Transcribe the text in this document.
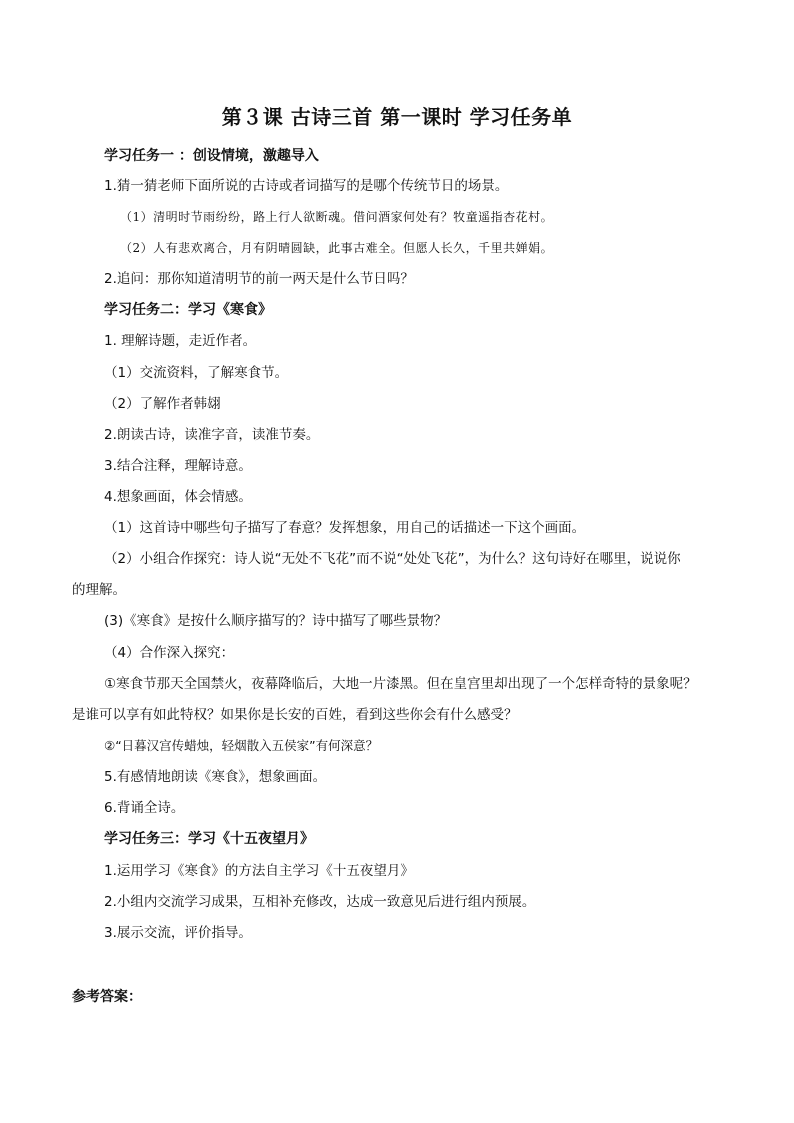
第３课 古诗三首 第一课时 学习任务单
学习任务一 ：创设情境，激趣导入
1.猜一猜老师下面所说的古诗或者词描写的是哪个传统节日的场景。
（1）清明时节雨纷纷，路上行人欲断魂。借问酒家何处有？牧童遥指杏花村。
（2）人有悲欢离合，月有阴晴圆缺，此事古难全。但愿人长久，千里共婵娟。
2.追问：那你知道清明节的前一两天是什么节日吗？
学习任务二：学习《寒食》
1. 理解诗题，走近作者。
（1）交流资料，了解寒食节。
（2）了解作者韩翃
2.朗读古诗，读准字音，读准节奏。
3.结合注释，理解诗意。
4.想象画面，体会情感。
（1）这首诗中哪些句子描写了春意？发挥想象，用自己的话描述一下这个画面。
（2）小组合作探究：诗人说“无处不飞花”而不说“处处飞花”，为什么？这句诗好在哪里，说说你
的理解。
(3)《寒食》是按什么顺序描写的？诗中描写了哪些景物？
（4）合作深入探究：
①寒食节那天全国禁火，夜幕降临后，大地一片漆黑。但在皇宫里却出现了一个怎样奇特的景象呢？
是谁可以享有如此特权？如果你是长安的百姓，看到这些你会有什么感受？
②“日暮汉宫传蜡烛，轻烟散入五侯家”有何深意？
5.有感情地朗读《寒食》，想象画面。
6.背诵全诗。
学习任务三：学习《十五夜望月》
1.运用学习《寒食》的方法自主学习《十五夜望月》
2.小组内交流学习成果，互相补充修改，达成一致意见后进行组内预展。
3.展示交流，评价指导。
参考答案：
